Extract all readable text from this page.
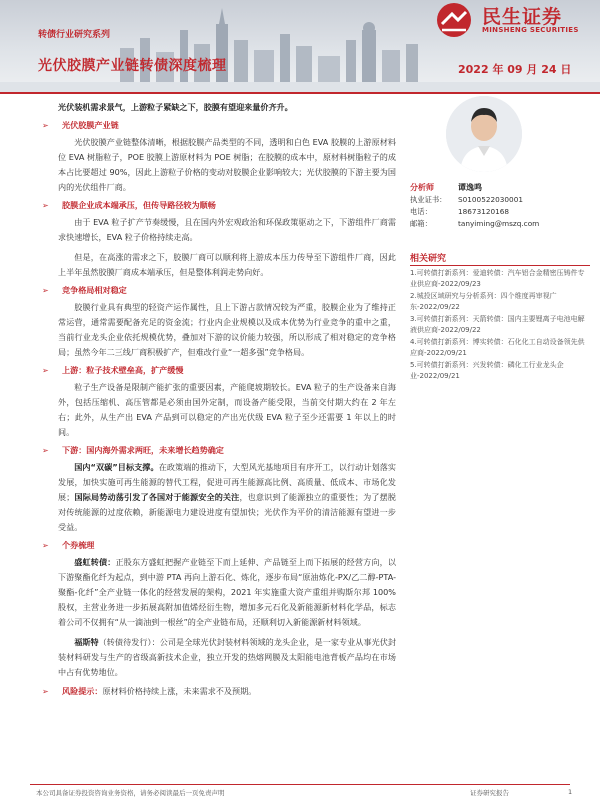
转债行业研究系列
光伏胶膜产业链转债深度梳理
民生证券
MINSHENG SECURITIES
2022 年 09 月 24 日

光伏装机需求景气，上游粒子紧缺之下，胶膜有望迎来量价齐升。

➢ 光伏胶膜产业链

光伏胶膜产业链整体清晰，根据胶膜产品类型的不同，透明和白色 EVA 胶膜的上游原材料位 EVA 树脂粒子，POE 胶膜上游原材料为 POE 树脂；在胶膜的成本中，原材料树脂粒子的成本占比要超过 90%，因此上游粒子价格的变动对胶膜企业影响较大；光伏胶膜的下游主要为国内的光伏组件厂商。

➢ 胶膜企业成本端承压，但传导路径较为顺畅

由于 EVA 粒子扩产节奏缓慢，且在国内外宏观政治和环保政策驱动之下，下游组件厂商需求快速增长，EVA 粒子价格持续走高。

但是，在高涨的需求之下，胶膜厂商可以顺利将上游成本压力传导至下游组件厂商，因此上半年虽然胶膜厂商成本端承压，但是整体利润走势向好。

➢ 竞争格局相对稳定

胶膜行业具有典型的轻资产运作属性，且上下游占款情况较为严重，胶膜企业为了维持正常运营，通常需要配备充足的资金流；行业内企业规模以及成本优势为行业竞争的重中之重，当前行业龙头企业依托规模优势，叠加对下游的议价能力较强，所以形成了相对稳定的竞争格局；虽然今年二三线厂商积极扩产，但难改行业“一超多强”竞争格局。

➢ 上游：粒子技术壁垒高，扩产缓慢

粒子生产设备是限制产能扩张的重要因素，产能爬坡期较长。EVA 粒子的生产设备来自海外，包括压缩机、高压管都是必须由国外定制，而设备产能受限，当前交付期大约在 2 年左右；此外，从生产出 EVA 产品到可以稳定的产出光伏级 EVA 粒子至少还需要 1 年以上的时间。

➢ 下游：国内海外需求两旺，未来增长趋势确定

国内“双碳”目标支撑。在政策端的推动下，大型风光基地项目有序开工，以行动计划落实发展，加快实施可再生能源的替代工程，促进可再生能源高比例、高质量、低成本、市场化发展；国际局势动荡引发了各国对于能源安全的关注，也意识到了能源独立的重要性；为了摆脱对传统能源的过度依赖，新能源电力建设进度有望加快；光伏作为平价的清洁能源有望进一步受益。

➢ 个券梳理

盛虹转债：正股东方盛虹把握产业链至下而上延伸、产品链至上而下拓展的经营方向，以下游聚酯化纤为起点，到中游 PTA 再向上游石化、炼化，逐步布局“原油炼化-PX/乙二醇-PTA-聚酯-化纤”全产业链一体化的经营发展的架构，2021 年实施重大资产重组并购斯尔邦 100%股权，主营业务进一步拓展高附加值烯烃衍生物，增加多元石化及新能源新材料化学品，标志着公司不仅拥有“从一滴油到一根丝”的全产业链布局，还顺利切入新能源新材料领域。

福斯特（转债待发行）：公司是全球光伏封装材料领域的龙头企业，是一家专业从事光伏封装材料研发与生产的省级高新技术企业，独立开发的热熔网膜及太阳能电池背板产品均在市场中占有优势地位。

➢ 风险提示：原材料价格持续上涨，未来需求不及预期。
分析师	谭逸鸣
执业证书： S0100522030001
电话：	18673120168
邮箱：	tanyiming@mszq.com
相关研究
1.可转债打新系列：爱迪转债：汽车铝合金精密压铸件专业供应商-2022/09/23
2.城投区域研究与分析系列：四个维度再审视广东-2022/09/22
3.可转债打新系列：天箭转债：国内主要锂离子电池电解液供应商-2022/09/22
4.可转债打新系列：博实转债：石化化工自动设备领先供应商-2022/09/21
5.可转债打新系列：兴发转债：磷化工行业龙头企业-2022/09/21
本公司具备证券投资咨询业务资格，请务必阅读最后一页免责声明	证券研究报告	1
